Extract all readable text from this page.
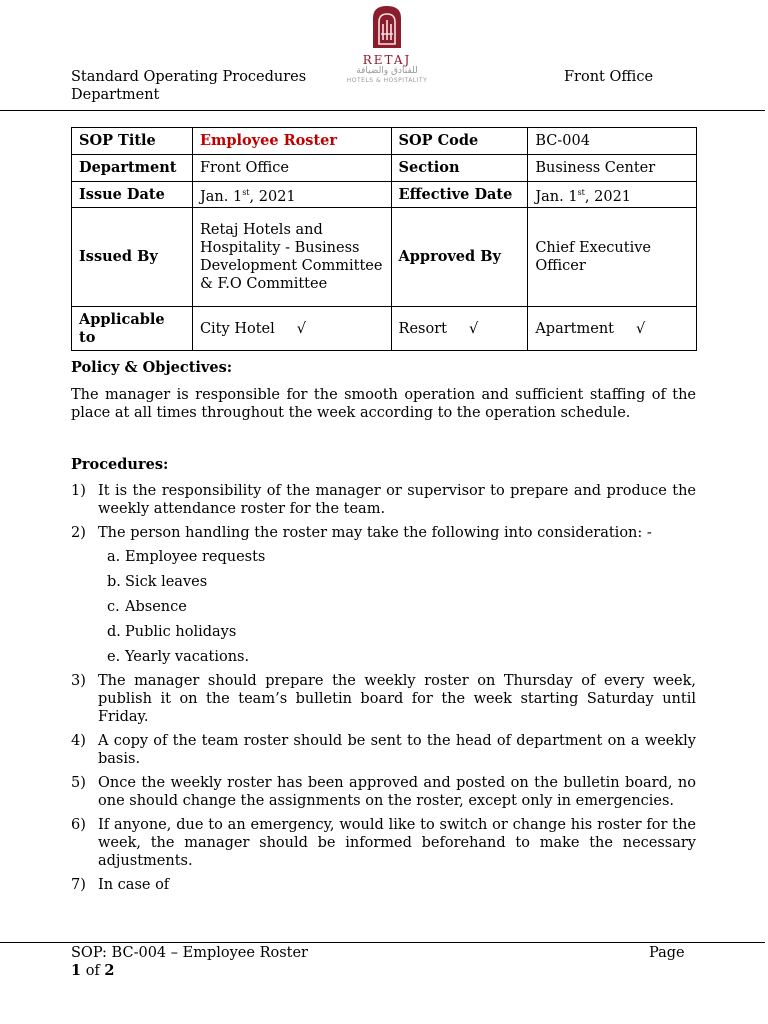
Standard Operating Procedures
Department
RETAJ
للفنادق والضيافة
HOTELS & HOSPITALITY	Front Office
SOP Title	Employee Roster	SOP Code	BC-004
Department	Front Office	Section	Business Center
Issue Date	Jan. 1st, 2021	Effective Date	Jan. 1st, 2021
Issued By	Retaj Hotels and Hospitality - Business Development Committee & F.O Committee	Approved By	Chief Executive Officer
Applicable to	City Hotel √	Resort √	Apartment √
Policy & Objectives:
The manager is responsible for the smooth operation and sufficient staffing of the place at all times throughout the week according to the operation schedule.
Procedures:
1) It is the responsibility of the manager or supervisor to prepare and produce the weekly attendance roster for the team.
2) The person handling the roster may take the following into consideration: -
a. Employee requests
b. Sick leaves
c. Absence
d. Public holidays
e. Yearly vacations.
3) The manager should prepare the weekly roster on Thursday of every week, publish it on the team’s bulletin board for the week starting Saturday until Friday.
4) A copy of the team roster should be sent to the head of department on a weekly basis.
5) Once the weekly roster has been approved and posted on the bulletin board, no one should change the assignments on the roster, except only in emergencies.
6) If anyone, due to an emergency, would like to switch or change his roster for the week, the manager should be informed beforehand to make the necessary adjustments.
7) In case of
SOP: BC-004 – Employee Roster
1 of 2
Page
